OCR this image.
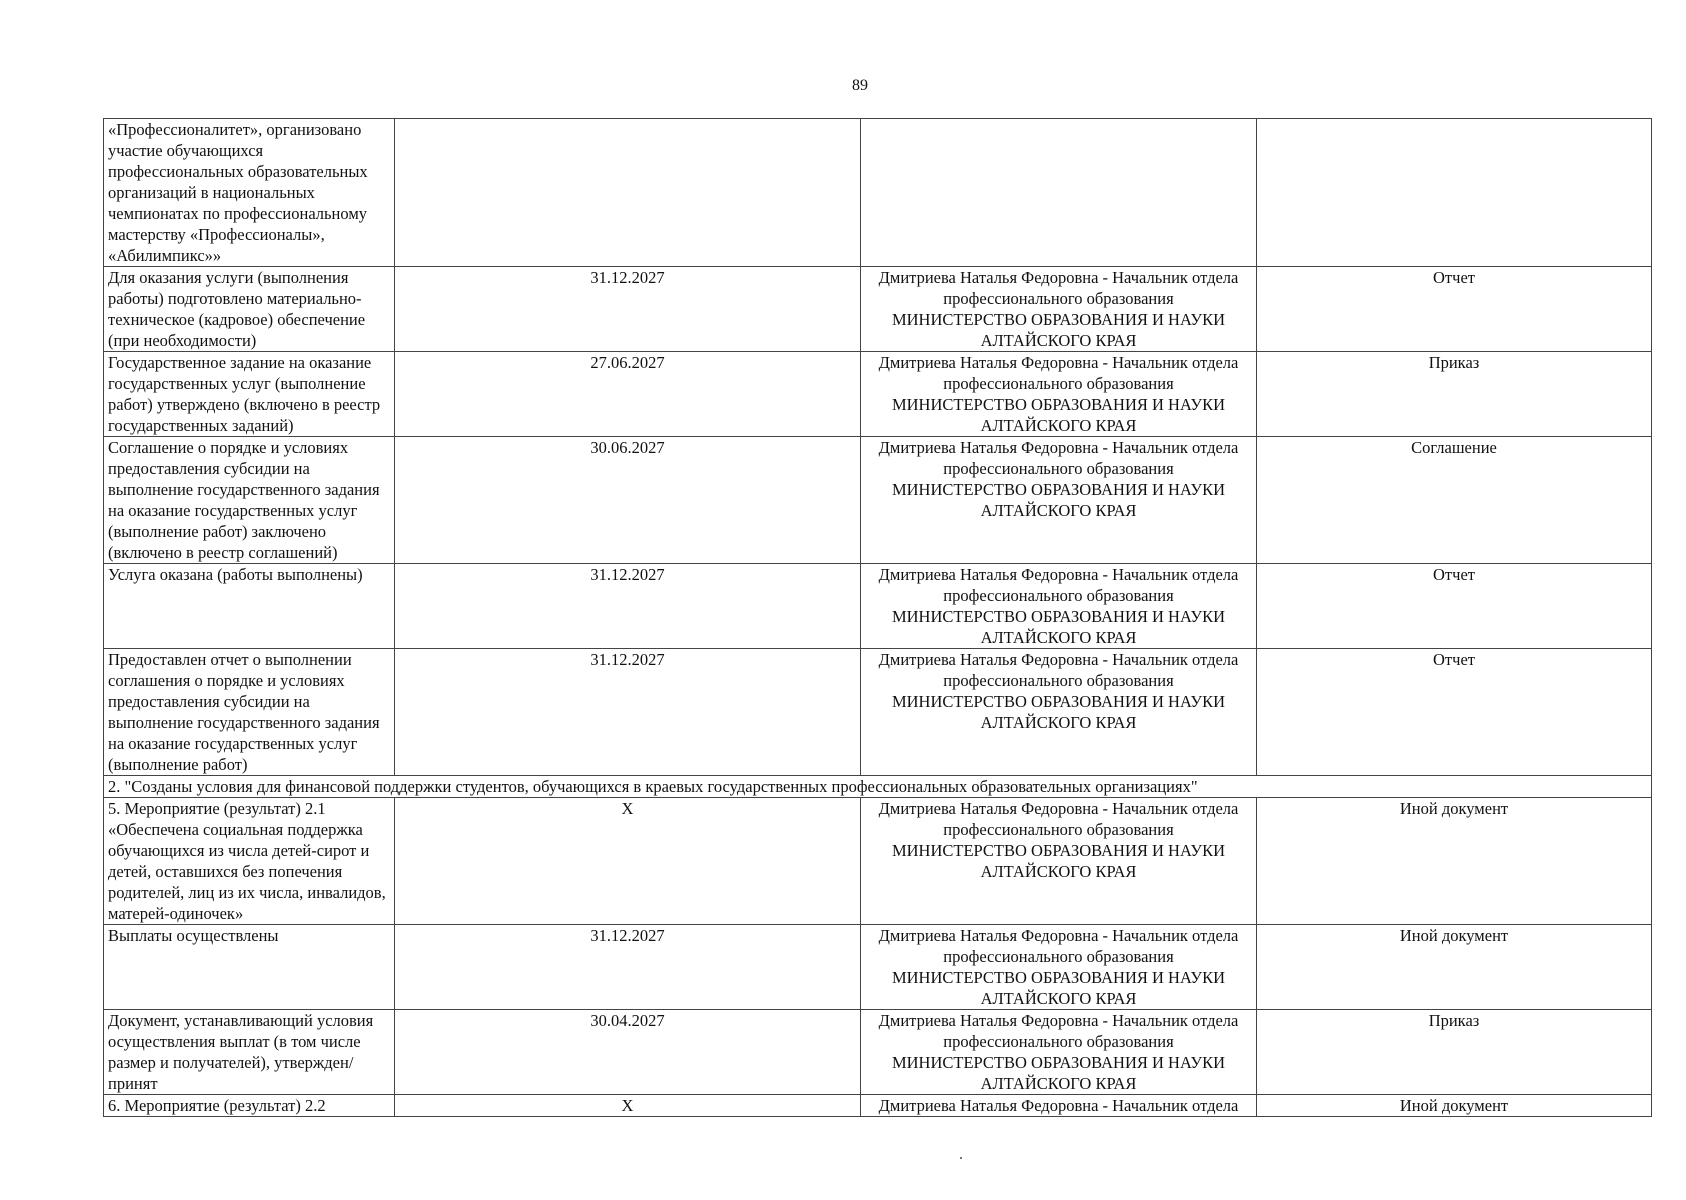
89
«Профессионалитет», организовано участие обучающихся профессиональных образовательных организаций в национальных чемпионатах по профессиональному мастерству «Профессионалы», «Абилимпикс»»			
Для оказания услуги (выполнения работы) подготовлено материально-техническое (кадровое) обеспечение (при необходимости)	31.12.2027	Дмитриева Наталья Федоровна - Начальник отдела
профессионального образования
МИНИСТЕРСТВО ОБРАЗОВАНИЯ И НАУКИ
АЛТАЙСКОГО КРАЯ	Отчет
Государственное задание на оказание государственных услуг (выполнение работ) утверждено (включено в реестр государственных заданий)	27.06.2027	Дмитриева Наталья Федоровна - Начальник отдела
профессионального образования
МИНИСТЕРСТВО ОБРАЗОВАНИЯ И НАУКИ
АЛТАЙСКОГО КРАЯ	Приказ
Соглашение о порядке и условиях предоставления субсидии на выполнение государственного задания на оказание государственных услуг (выполнение работ) заключено (включено в реестр соглашений)	30.06.2027	Дмитриева Наталья Федоровна - Начальник отдела
профессионального образования
МИНИСТЕРСТВО ОБРАЗОВАНИЯ И НАУКИ
АЛТАЙСКОГО КРАЯ	Соглашение
Услуга оказана (работы выполнены)	31.12.2027	Дмитриева Наталья Федоровна - Начальник отдела
профессионального образования
МИНИСТЕРСТВО ОБРАЗОВАНИЯ И НАУКИ
АЛТАЙСКОГО КРАЯ	Отчет
Предоставлен отчет о выполнении соглашения о порядке и условиях предоставления субсидии на выполнение государственного задания на оказание государственных услуг (выполнение работ)	31.12.2027	Дмитриева Наталья Федоровна - Начальник отдела
профессионального образования
МИНИСТЕРСТВО ОБРАЗОВАНИЯ И НАУКИ
АЛТАЙСКОГО КРАЯ	Отчет
2. "Созданы условия для финансовой поддержки студентов, обучающихся в краевых государственных профессиональных образовательных организациях"			
5. Мероприятие (результат) 2.1 «Обеспечена социальная поддержка обучающихся из числа детей-сирот и детей, оставшихся без попечения родителей, лиц из их числа, инвалидов, матерей-одиночек»	X	Дмитриева Наталья Федоровна - Начальник отдела
профессионального образования
МИНИСТЕРСТВО ОБРАЗОВАНИЯ И НАУКИ
АЛТАЙСКОГО КРАЯ	Иной документ
Выплаты осуществлены	31.12.2027	Дмитриева Наталья Федоровна - Начальник отдела
профессионального образования
МИНИСТЕРСТВО ОБРАЗОВАНИЯ И НАУКИ
АЛТАЙСКОГО КРАЯ	Иной документ
Документ, устанавливающий условия осуществления выплат (в том числе размер и получателей), утвержден/принят	30.04.2027	Дмитриева Наталья Федоровна - Начальник отдела
профессионального образования
МИНИСТЕРСТВО ОБРАЗОВАНИЯ И НАУКИ
АЛТАЙСКОГО КРАЯ	Приказ
6. Мероприятие (результат) 2.2	X	Дмитриева Наталья Федоровна - Начальник отдела	Иной документ
